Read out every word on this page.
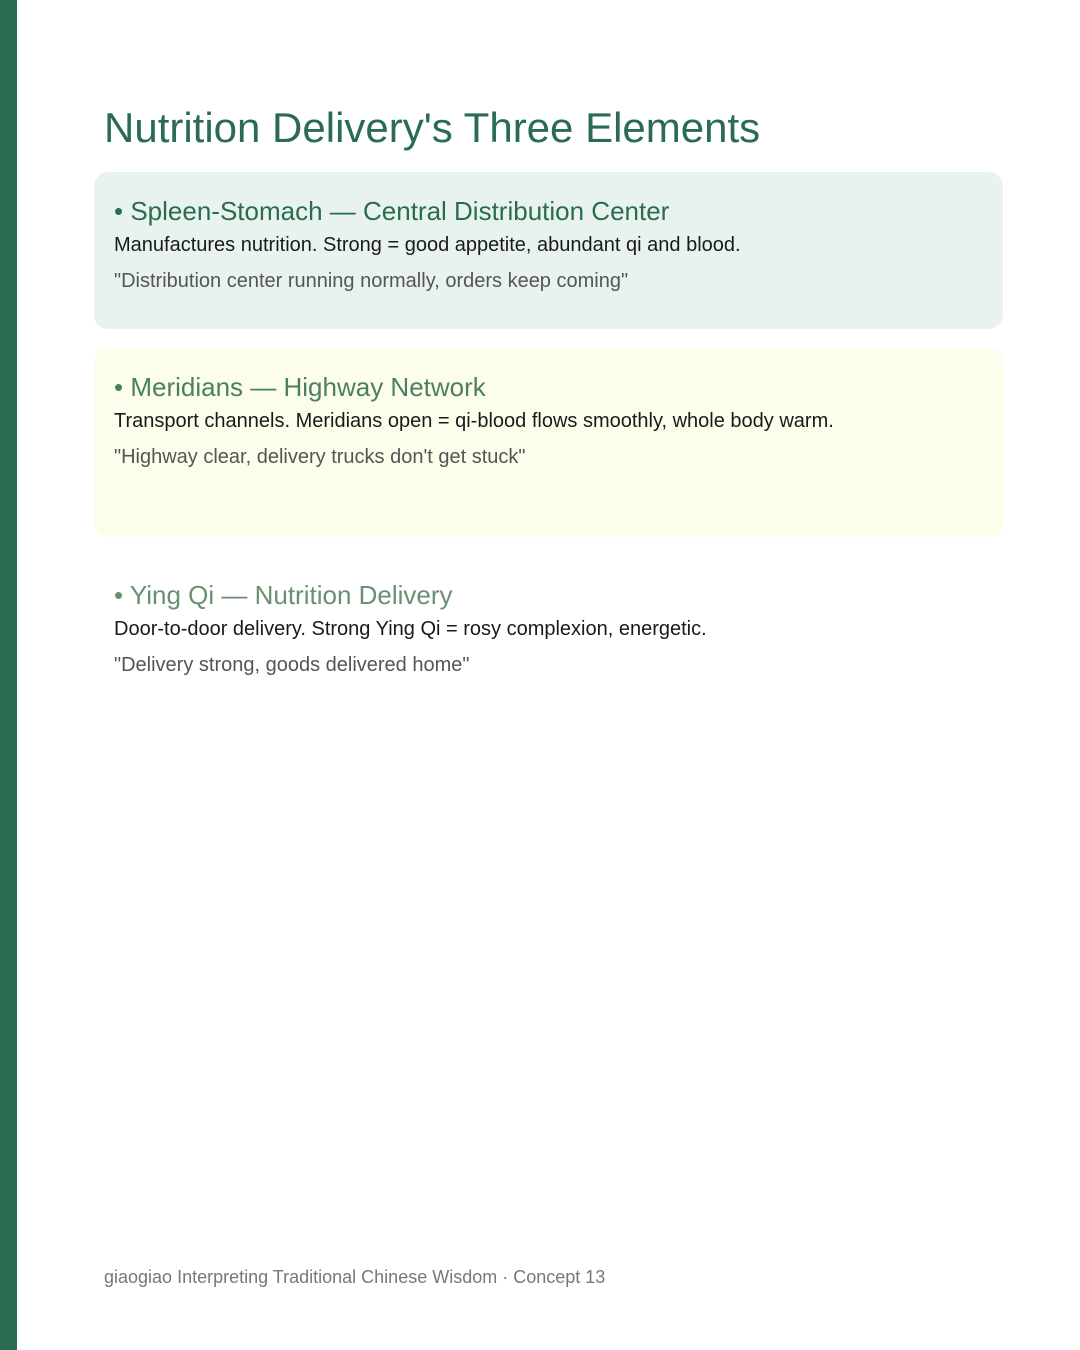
Nutrition Delivery's Three Elements
• Spleen-Stomach — Central Distribution Center

Manufactures nutrition. Strong = good appetite, abundant qi and blood.

"Distribution center running normally, orders keep coming"

• Meridians — Highway Network

Transport channels. Meridians open = qi-blood flows smoothly, whole body warm.

"Highway clear, delivery trucks don't get stuck"

• Ying Qi — Nutrition Delivery

Door-to-door delivery. Strong Ying Qi = rosy complexion, energetic.

"Delivery strong, goods delivered home"

giaogiao Interpreting Traditional Chinese Wisdom · Concept 13
